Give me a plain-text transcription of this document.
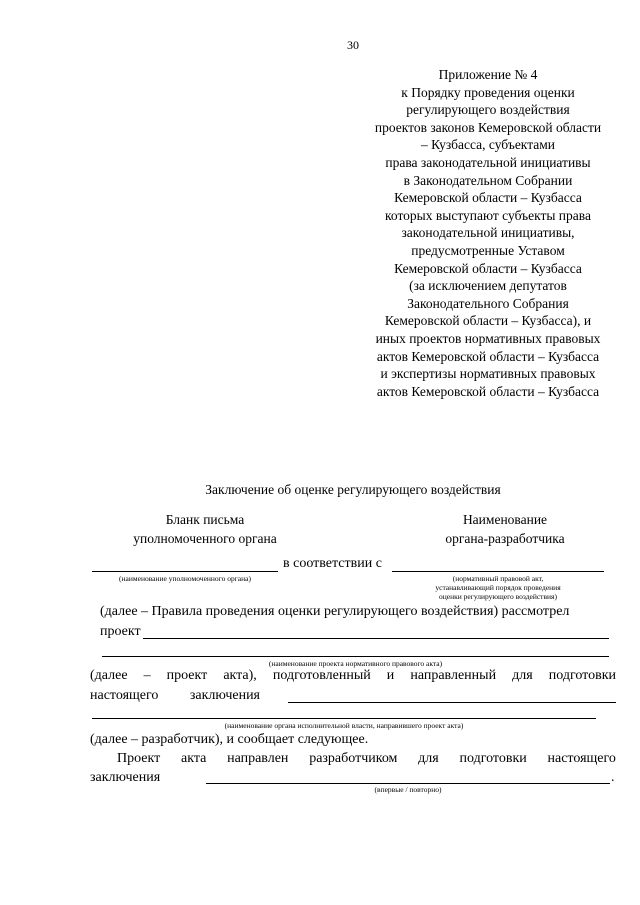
30
Приложение № 4
к Порядку проведения оценки
регулирующего воздействия
проектов законов Кемеровской области
– Кузбасса, субъектами
права законодательной инициативы
в Законодательном Собрании
Кемеровской области – Кузбасса
которых выступают субъекты права
законодательной инициативы,
предусмотренные Уставом
Кемеровской области – Кузбасса
(за исключением депутатов
Законодательного Собрания
Кемеровской области – Кузбасса), и
иных проектов нормативных правовых
актов Кемеровской области – Кузбасса
и экспертизы нормативных правовых
актов Кемеровской области – Кузбасса
Заключение об оценке регулирующего воздействия
Бланк письма
уполномоченного органа
Наименование
органа-разработчика
в соответствии с
(наименование уполномоченного органа)	(нормативный правовой акт,
устанавливающий порядок проведения
оценки регулирующего воздействия)
(далее – Правила проведения оценки регулирующего воздействия) рассмотрел
проект
(наименование проекта нормативного правового акта)
(далее – проект акта), подготовленный и направленный для подготовки
настоящего заключения
(наименование органа исполнительной власти, направившего проект акта)
(далее – разработчик), и сообщает следующее.
Проект акта направлен разработчиком для подготовки настоящего
заключения	.
(впервые / повторно)
